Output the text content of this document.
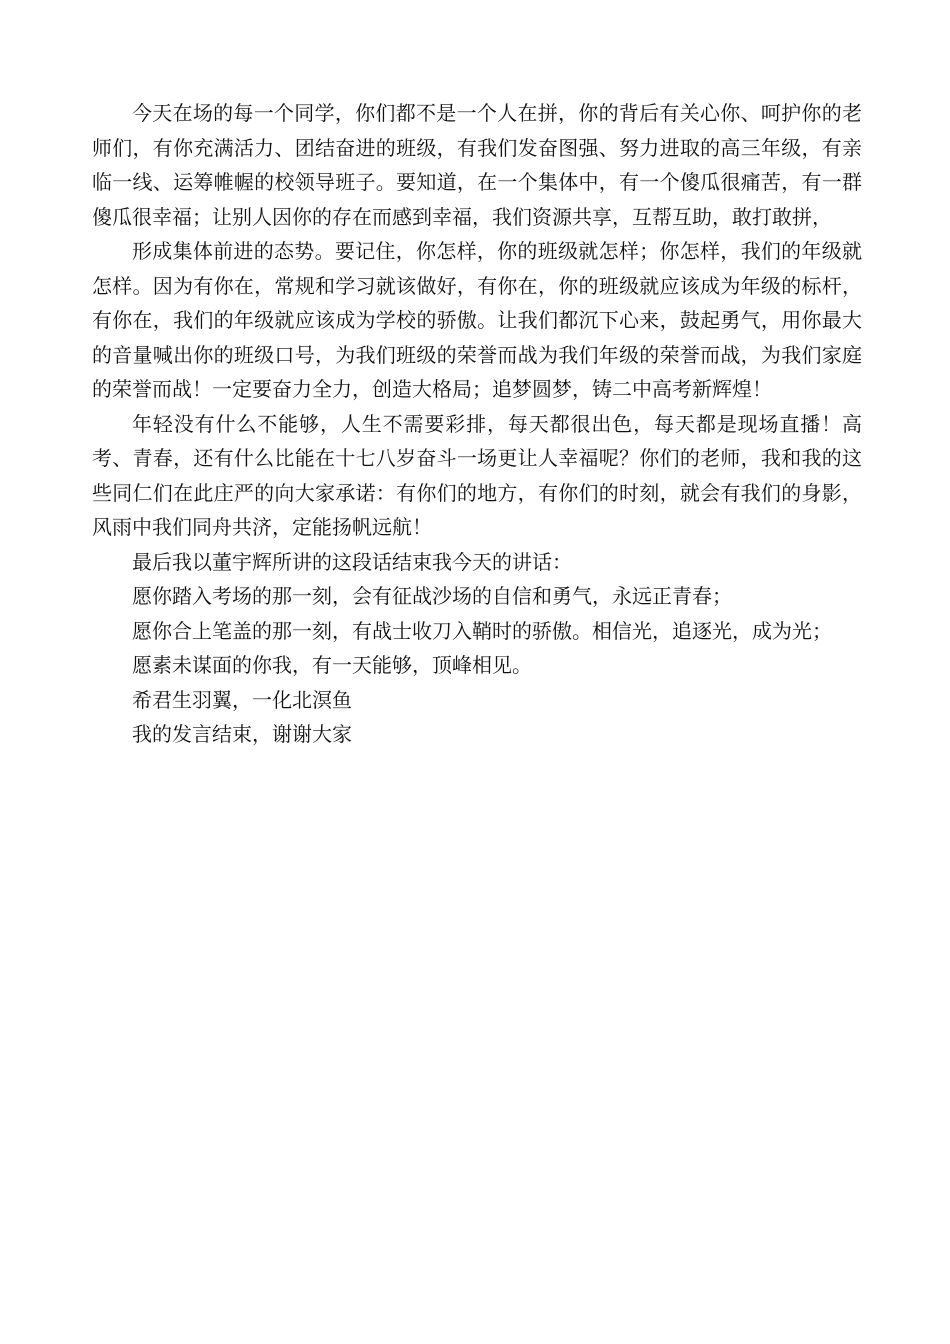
今天在场的每一个同学，你们都不是一个人在拼，你的背后有关心你、呵护你的老师们，有你充满活力、团结奋进的班级，有我们发奋图强、努力进取的高三年级，有亲临一线、运筹帷幄的校领导班子。要知道，在一个集体中，有一个傻瓜很痛苦，有一群傻瓜很幸福；让别人因你的存在而感到幸福，我们资源共享，互帮互助，敢打敢拼，

形成集体前进的态势。要记住，你怎样，你的班级就怎样；你怎样，我们的年级就怎样。因为有你在，常规和学习就该做好，有你在，你的班级就应该成为年级的标杆，有你在，我们的年级就应该成为学校的骄傲。让我们都沉下心来，鼓起勇气，用你最大的音量喊出你的班级口号，为我们班级的荣誉而战为我们年级的荣誉而战，为我们家庭的荣誉而战！一定要奋力全力，创造大格局；追梦圆梦，铸二中高考新辉煌！

年轻没有什么不能够，人生不需要彩排，每天都很出色，每天都是现场直播！高考、青春，还有什么比能在十七八岁奋斗一场更让人幸福呢？你们的老师，我和我的这些同仁们在此庄严的向大家承诺：有你们的地方，有你们的时刻，就会有我们的身影，风雨中我们同舟共济，定能扬帆远航！

最后我以董宇辉所讲的这段话结束我今天的讲话：

愿你踏入考场的那一刻，会有征战沙场的自信和勇气，永远正青春；

愿你合上笔盖的那一刻，有战士收刀入鞘时的骄傲。相信光，追逐光，成为光；

愿素未谋面的你我，有一天能够，顶峰相见。

希君生羽翼，一化北溟鱼

我的发言结束，谢谢大家
